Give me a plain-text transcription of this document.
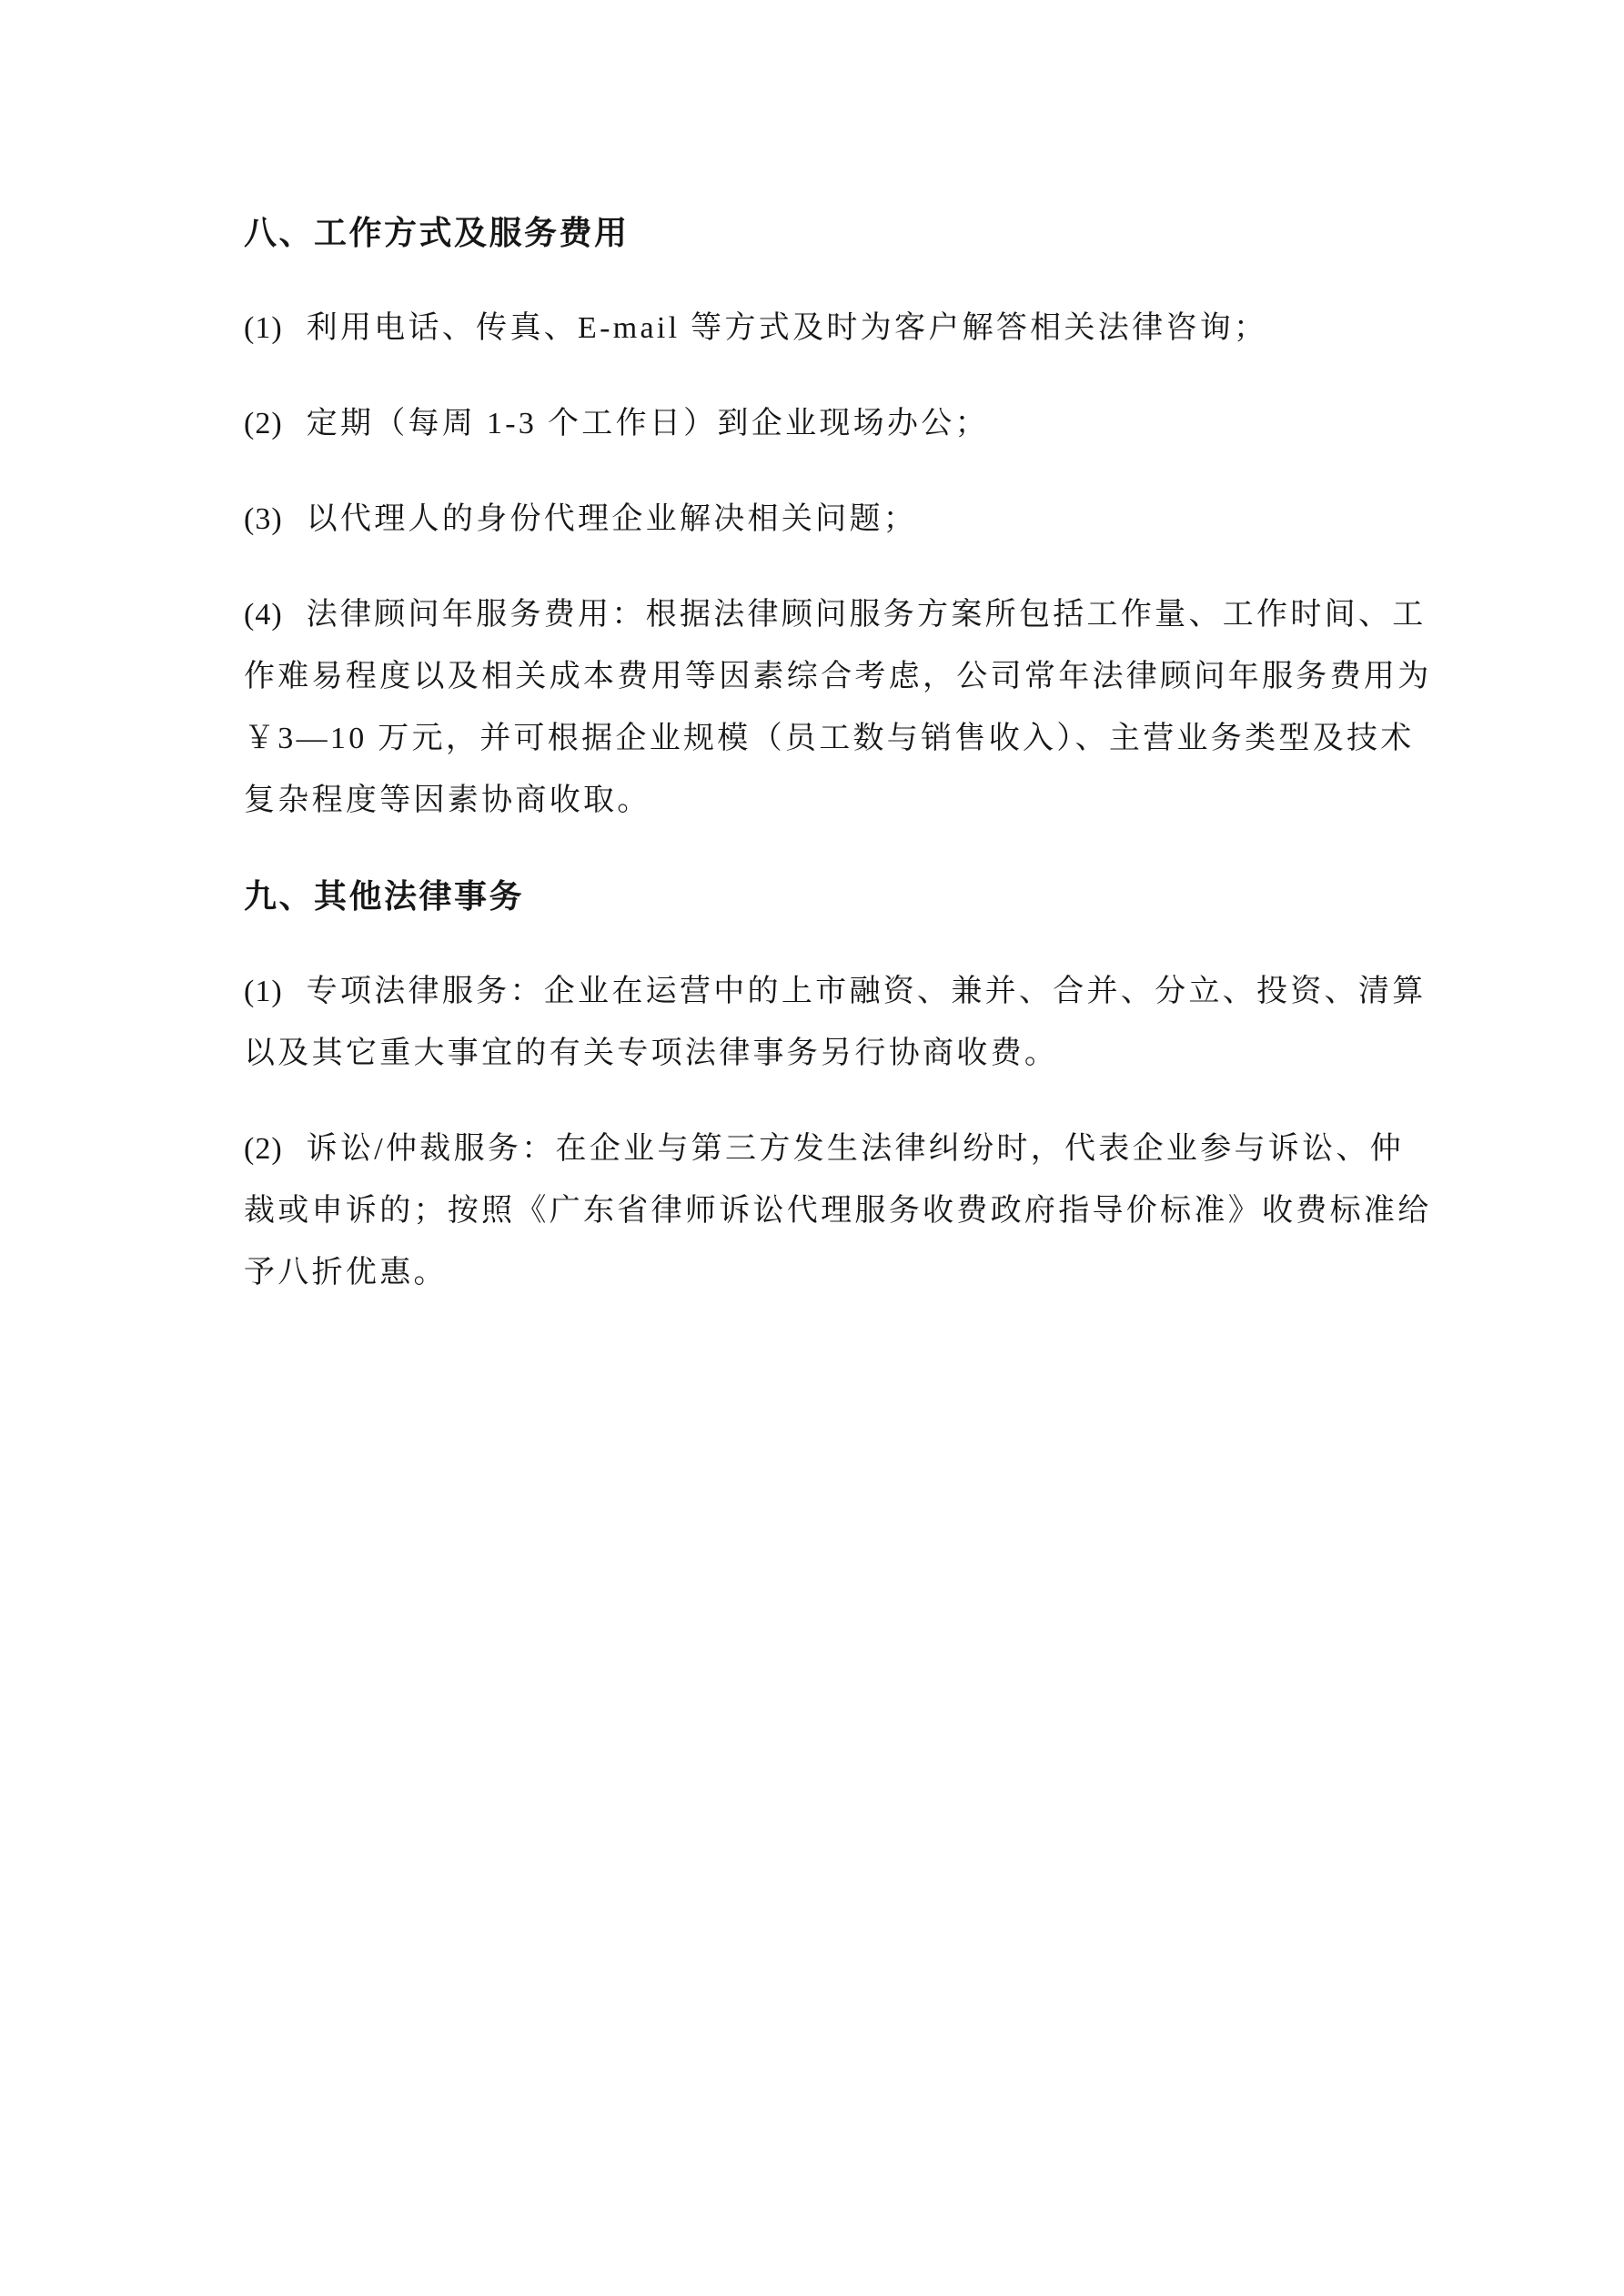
八、工作方式及服务费用
(1) 利用电话、传真、E-mail 等方式及时为客户解答相关法律咨询；
(2) 定期（每周 1-3 个工作日）到企业现场办公；
(3) 以代理人的身份代理企业解决相关问题；
(4) 法律顾问年服务费用：根据法律顾问服务方案所包括工作量、工作时间、工
作难易程度以及相关成本费用等因素综合考虑，公司常年法律顾问年服务费用为
￥3—10 万元，并可根据企业规模（员工数与销售收入）、主营业务类型及技术
复杂程度等因素协商收取。
九、其他法律事务
(1) 专项法律服务：企业在运营中的上市融资、兼并、合并、分立、投资、清算
以及其它重大事宜的有关专项法律事务另行协商收费。
(2) 诉讼/仲裁服务：在企业与第三方发生法律纠纷时，代表企业参与诉讼、仲
裁或申诉的；按照《广东省律师诉讼代理服务收费政府指导价标准》收费标准给
予八折优惠。
